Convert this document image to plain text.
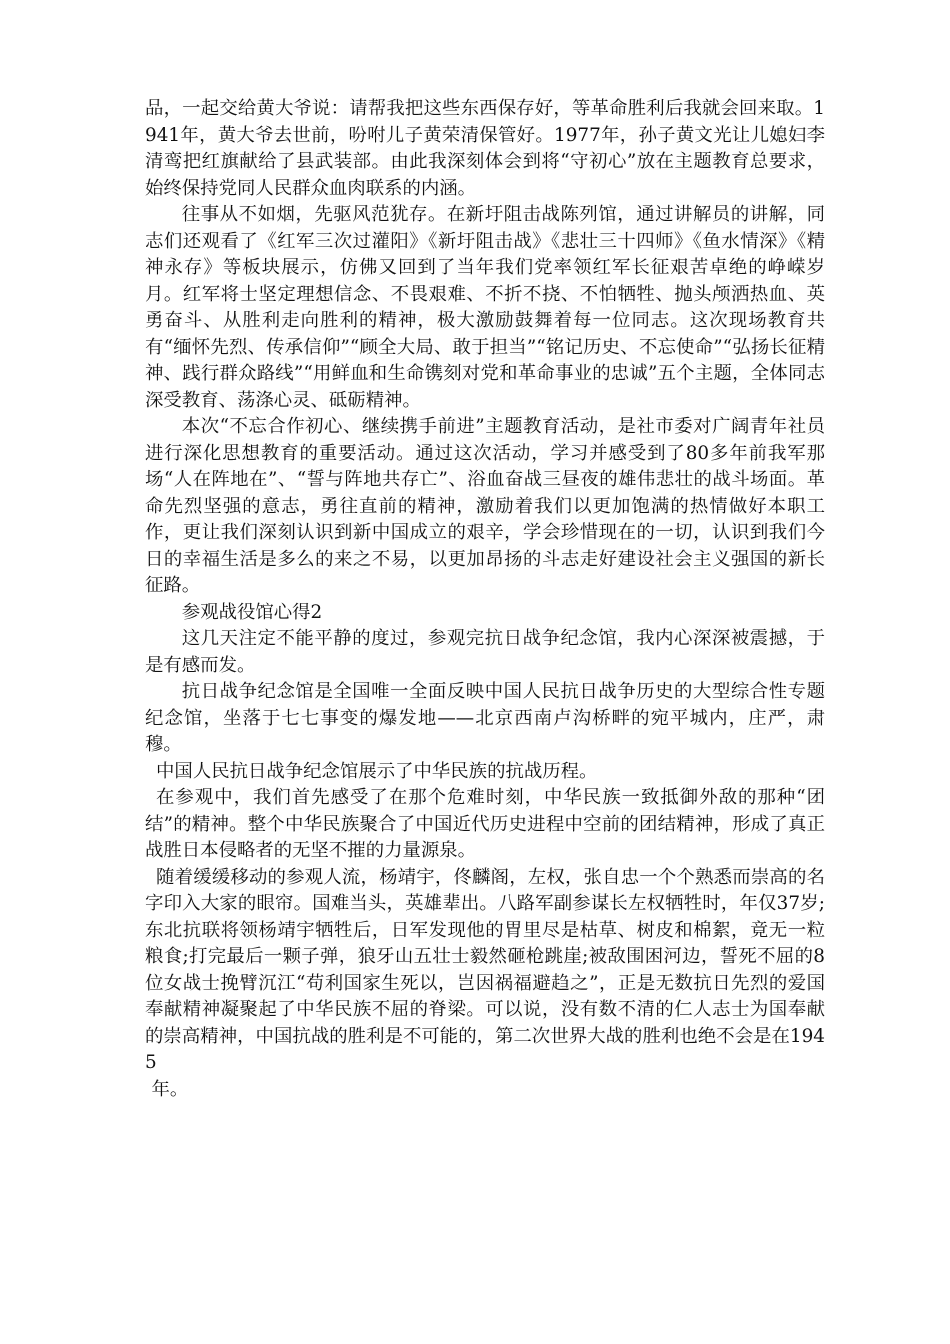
品，一起交给黄大爷说：请帮我把这些东西保存好，等革命胜利后我就会回来取。1941年，黄大爷去世前，吩咐儿子黄荣清保管好。1977年，孙子黄文光让儿媳妇李清鸾把红旗献给了县武装部。由此我深刻体会到将“守初心”放在主题教育总要求，始终保持党同人民群众血肉联系的内涵。

往事从不如烟，先驱风范犹存。在新圩阻击战陈列馆，通过讲解员的讲解，同志们还观看了《红军三次过灌阳》《新圩阻击战》《悲壮三十四师》《鱼水情深》《精神永存》等板块展示，仿佛又回到了当年我们党率领红军长征艰苦卓绝的峥嵘岁月。红军将士坚定理想信念、不畏艰难、不折不挠、不怕牺牲、抛头颅洒热血、英勇奋斗、从胜利走向胜利的精神，极大激励鼓舞着每一位同志。这次现场教育共有“缅怀先烈、传承信仰”“顾全大局、敢于担当”“铭记历史、不忘使命”“弘扬长征精神、践行群众路线”“用鲜血和生命镌刻对党和革命事业的忠诚”五个主题，全体同志深受教育、荡涤心灵、砥砺精神。

本次“不忘合作初心、继续携手前进”主题教育活动，是社市委对广阔青年社员进行深化思想教育的重要活动。通过这次活动，学习并感受到了80多年前我军那场“人在阵地在”、“誓与阵地共存亡”、浴血奋战三昼夜的雄伟悲壮的战斗场面。革命先烈坚强的意志，勇往直前的精神，激励着我们以更加饱满的热情做好本职工作，更让我们深刻认识到新中国成立的艰辛，学会珍惜现在的一切，认识到我们今日的幸福生活是多么的来之不易，以更加昂扬的斗志走好建设社会主义强国的新长征路。

参观战役馆心得2

这几天注定不能平静的度过，参观完抗日战争纪念馆，我内心深深被震撼，于是有感而发。

抗日战争纪念馆是全国唯一全面反映中国人民抗日战争历史的大型综合性专题纪念馆，坐落于七七事变的爆发地——北京西南卢沟桥畔的宛平城内，庄严，肃穆。

中国人民抗日战争纪念馆展示了中华民族的抗战历程。

在参观中，我们首先感受了在那个危难时刻，中华民族一致抵御外敌的那种“团结”的精神。整个中华民族聚合了中国近代历史进程中空前的团结精神，形成了真正战胜日本侵略者的无坚不摧的力量源泉。

随着缓缓移动的参观人流，杨靖宇，佟麟阁，左权，张自忠一个个熟悉而崇高的名字印入大家的眼帘。国难当头，英雄辈出。八路军副参谋长左权牺牲时，年仅37岁;东北抗联将领杨靖宇牺牲后，日军发现他的胃里尽是枯草、树皮和棉絮，竟无一粒粮食;打完最后一颗子弹，狼牙山五壮士毅然砸枪跳崖;被敌围困河边，誓死不屈的8位女战士挽臂沉江“苟利国家生死以，岂因祸福避趋之”，正是无数抗日先烈的爱国奉献精神凝聚起了中华民族不屈的脊梁。可以说，没有数不清的仁人志士为国奉献的崇高精神，中国抗战的胜利是不可能的，第二次世界大战的胜利也绝不会是在1945

年。
